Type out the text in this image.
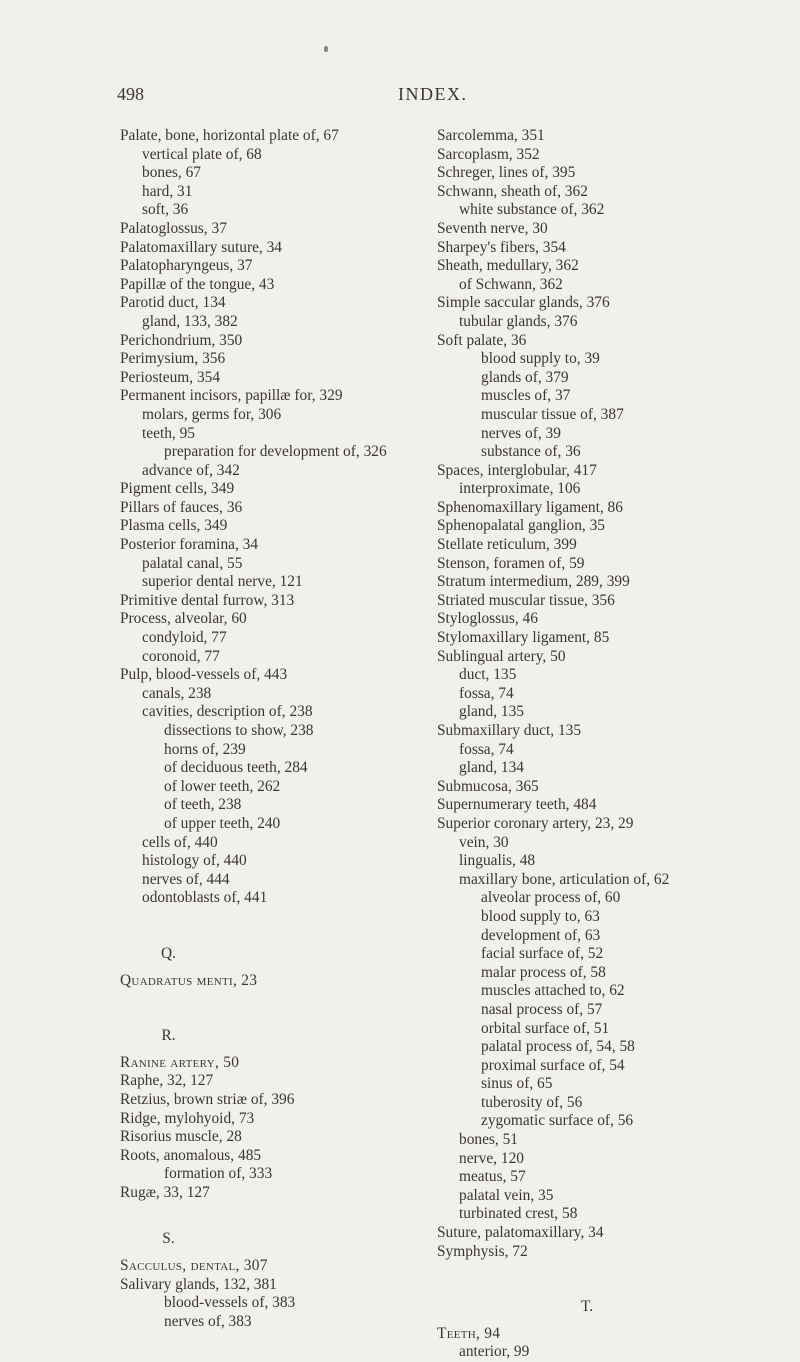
498	INDEX.
Palate, bone, horizontal plate of, 67
vertical plate of, 68
bones, 67
hard, 31
soft, 36
Palatoglossus, 37
Palatomaxillary suture, 34
Palatopharyngeus, 37
Papillæ of the tongue, 43
Parotid duct, 134
gland, 133, 382
Perichondrium, 350
Perimysium, 356
Periosteum, 354
Permanent incisors, papillæ for, 329
molars, germs for, 306
teeth, 95
preparation for development of, 326
advance of, 342
Pigment cells, 349
Pillars of fauces, 36
Plasma cells, 349
Posterior foramina, 34
palatal canal, 55
superior dental nerve, 121
Primitive dental furrow, 313
Process, alveolar, 60
condyloid, 77
coronoid, 77
Pulp, blood-vessels of, 443
canals, 238
cavities, description of, 238
dissections to show, 238
horns of, 239
of deciduous teeth, 284
of lower teeth, 262
of teeth, 238
of upper teeth, 240
cells of, 440
histology of, 440
nerves of, 444
odontoblasts of, 441
Q.
Quadratus menti, 23
R.
Ranine artery, 50
Raphe, 32, 127
Retzius, brown striæ of, 396
Ridge, mylohyoid, 73
Risorius muscle, 28
Roots, anomalous, 485
formation of, 333
Rugæ, 33, 127
S.
Sacculus, dental, 307
Salivary glands, 132, 381
blood-vessels of, 383
nerves of, 383
Sarcolemma, 351
Sarcoplasm, 352
Schreger, lines of, 395
Schwann, sheath of, 362
white substance of, 362
Seventh nerve, 30
Sharpey's fibers, 354
Sheath, medullary, 362
of Schwann, 362
Simple saccular glands, 376
tubular glands, 376
Soft palate, 36
blood supply to, 39
glands of, 379
muscles of, 37
muscular tissue of, 387
nerves of, 39
substance of, 36
Spaces, interglobular, 417
interproximate, 106
Sphenomaxillary ligament, 86
Sphenopalatal ganglion, 35
Stellate reticulum, 399
Stenson, foramen of, 59
Stratum intermedium, 289, 399
Striated muscular tissue, 356
Styloglossus, 46
Stylomaxillary ligament, 85
Sublingual artery, 50
duct, 135
fossa, 74
gland, 135
Submaxillary duct, 135
fossa, 74
gland, 134
Submucosa, 365
Supernumerary teeth, 484
Superior coronary artery, 23, 29
vein, 30
lingualis, 48
maxillary bone, articulation of, 62
alveolar process of, 60
blood supply to, 63
development of, 63
facial surface of, 52
malar process of, 58
muscles attached to, 62
nasal process of, 57
orbital surface of, 51
palatal process of, 54, 58
proximal surface of, 54
sinus of, 65
tuberosity of, 56
zygomatic surface of, 56
bones, 51
nerve, 120
meatus, 57
palatal vein, 35
turbinated crest, 58
Suture, palatomaxillary, 34
Symphysis, 72
T.
Teeth, 94
anterior, 99
